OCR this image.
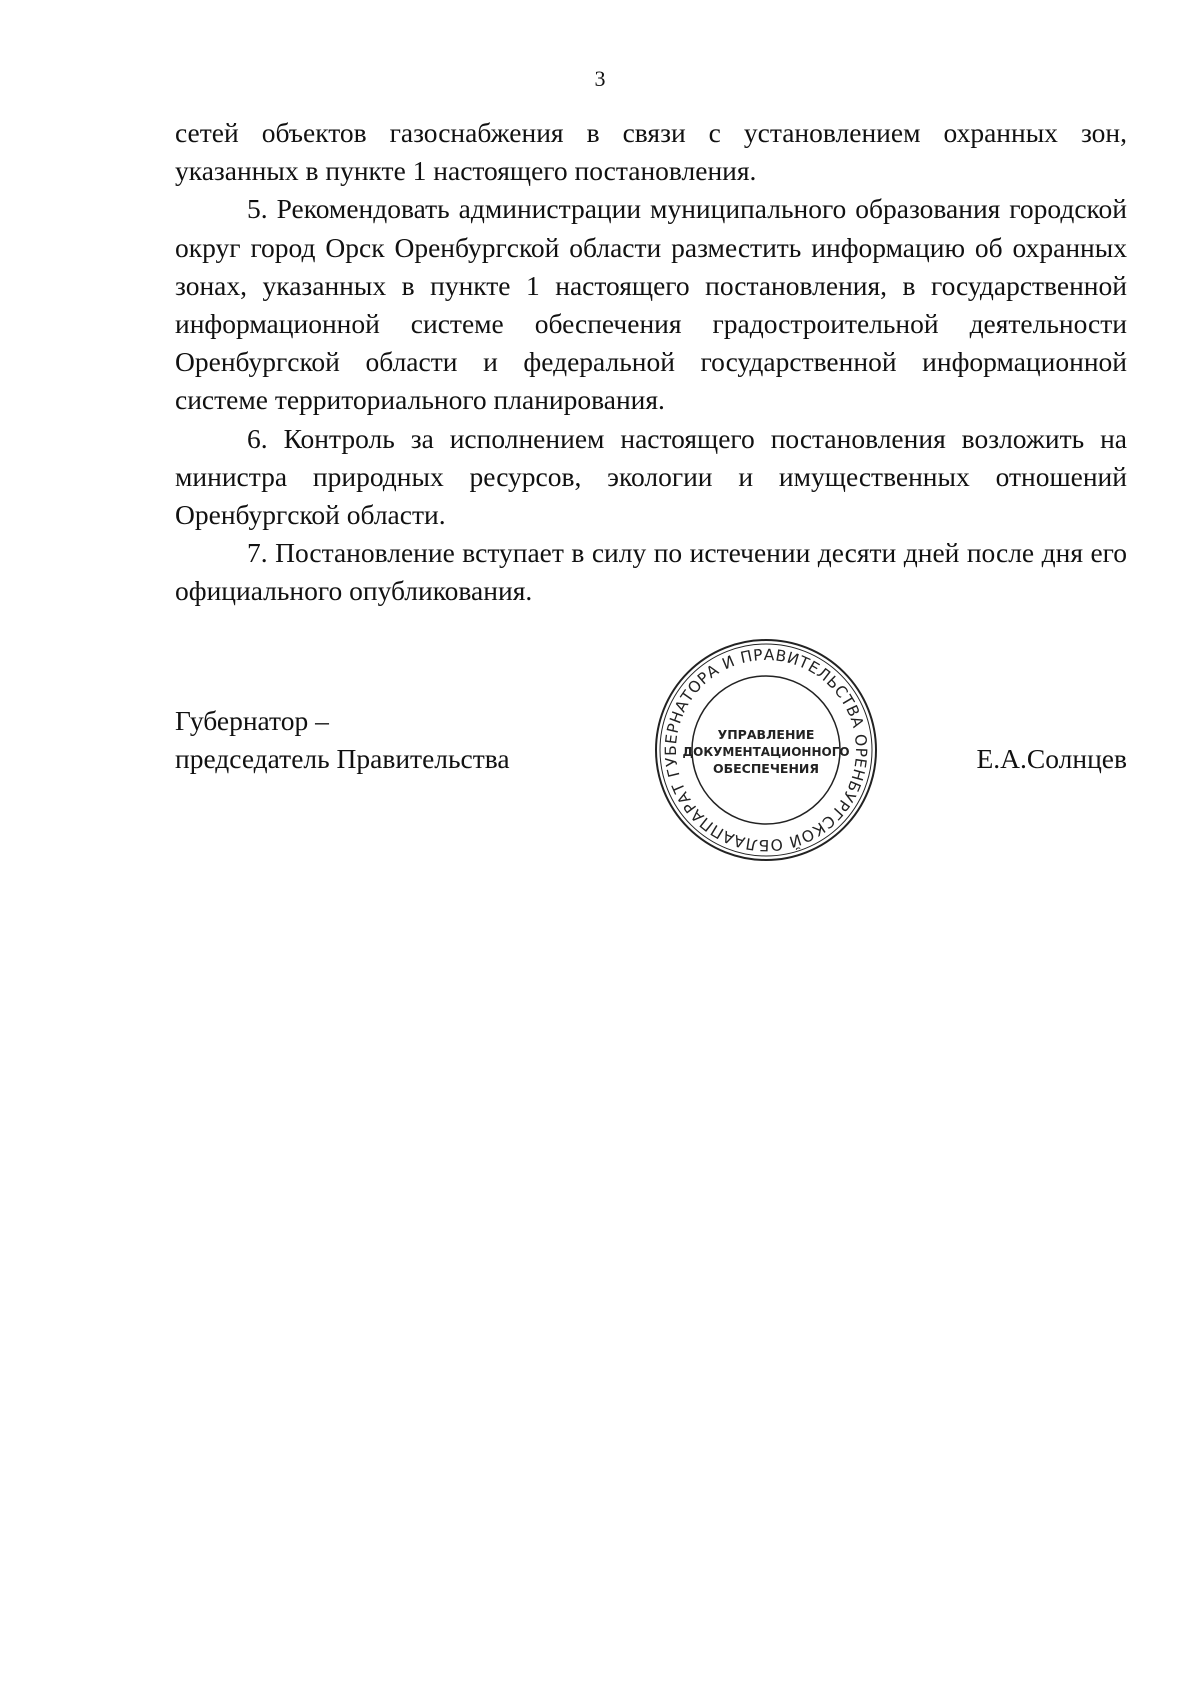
3

сетей объектов газоснабжения в связи с установлением охранных зон, указанных в пункте 1 настоящего постановления.

5. Рекомендовать администрации муниципального образования городской округ город Орск Оренбургской области разместить информацию об охранных зонах, указанных в пункте 1 настоящего постановления, в государственной информационной системе обеспечения градостроительной деятельности Оренбургской области и федеральной государственной информационной системе территориального планирования.

6. Контроль за исполнением настоящего постановления возложить на министра природных ресурсов, экологии и имущественных отношений Оренбургской области.

7. Постановление вступает в силу по истечении десяти дней после дня его официального опубликования.

Губернатор –
председатель Правительства	Е.А.Солнцев
АППАРАТ ГУБЕРНАТОРА И ПРАВИТЕЛЬСТВА ОРЕНБУРГСКОЙ ОБЛАСТИ
УПРАВЛЕНИЕ
ДОКУМЕНТАЦИОННОГО
ОБЕСПЕЧЕНИЯ
